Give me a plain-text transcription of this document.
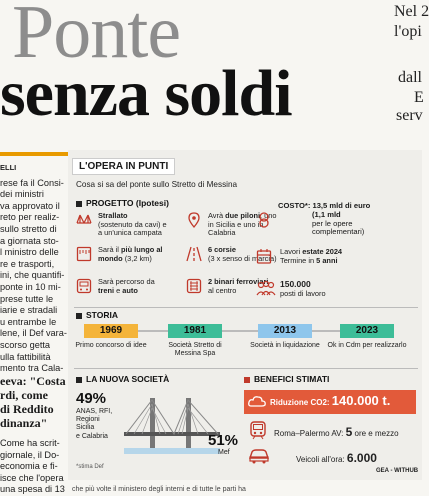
Ponte
senza soldi
Nel 2
l'opi
dall
E
serv
ELLI

rese fa il Consi-

dei ministri

va approvato il

reto per realiz-

sullo stretto di

a giornata sto-

l ministro delle

re e trasporti,

ini, che quantifi-

ponte in 10 mi-

prese tutte le

iarie e stradali

u entrambe le

lene, il Def vara-

scorso getta

ulla fattibilità

mento tra Cala-

eeva: "Costa
rdi, come
di Reddito
dinanza"

Come ha scrit-

giornale, il Do-

economia e fi-

isce che l'opera

una spesa di 13

L'OPERA IN PUNTI
Cosa si sa del ponte sullo Stretto di Messina
PROGETTO (Ipotesi)
Strallato
(sostenuto da cavi) e a un'unica campata
Avrà due piloni, uno in Sicilia e uno in Calabria
Sarà il più lungo al mondo (3,2 km)
6 corsie
(3 x senso di marcia)
Sarà percorso da treni e auto
2 binari ferroviari
al centro
COSTO*: 13,5 mld di euro
(1,1 mld

per le opere complementari)
Lavori estate 2024
Termine in 5 anni
150.000
posti di lavoro
STORIA
1969
Primo concorso di idee
1981
Società Stretto di Messina Spa
2013
Società in liquidazione
2023
Ok in Cdm per realizzarlo
LA NUOVA SOCIETÀ
49%
ANAS, RFI,
Regioni
Sicilia
e Calabria	51%
Mef
*stima Def
BENEFICI STIMATI
Riduzione CO2: 140.000 t.
Roma–Palermo AV: 5 ore e mezzo
Veicoli all'ora: 6.000
GEA - WITHUB
che più volte il ministero degli interni e di tutte le parti ha
